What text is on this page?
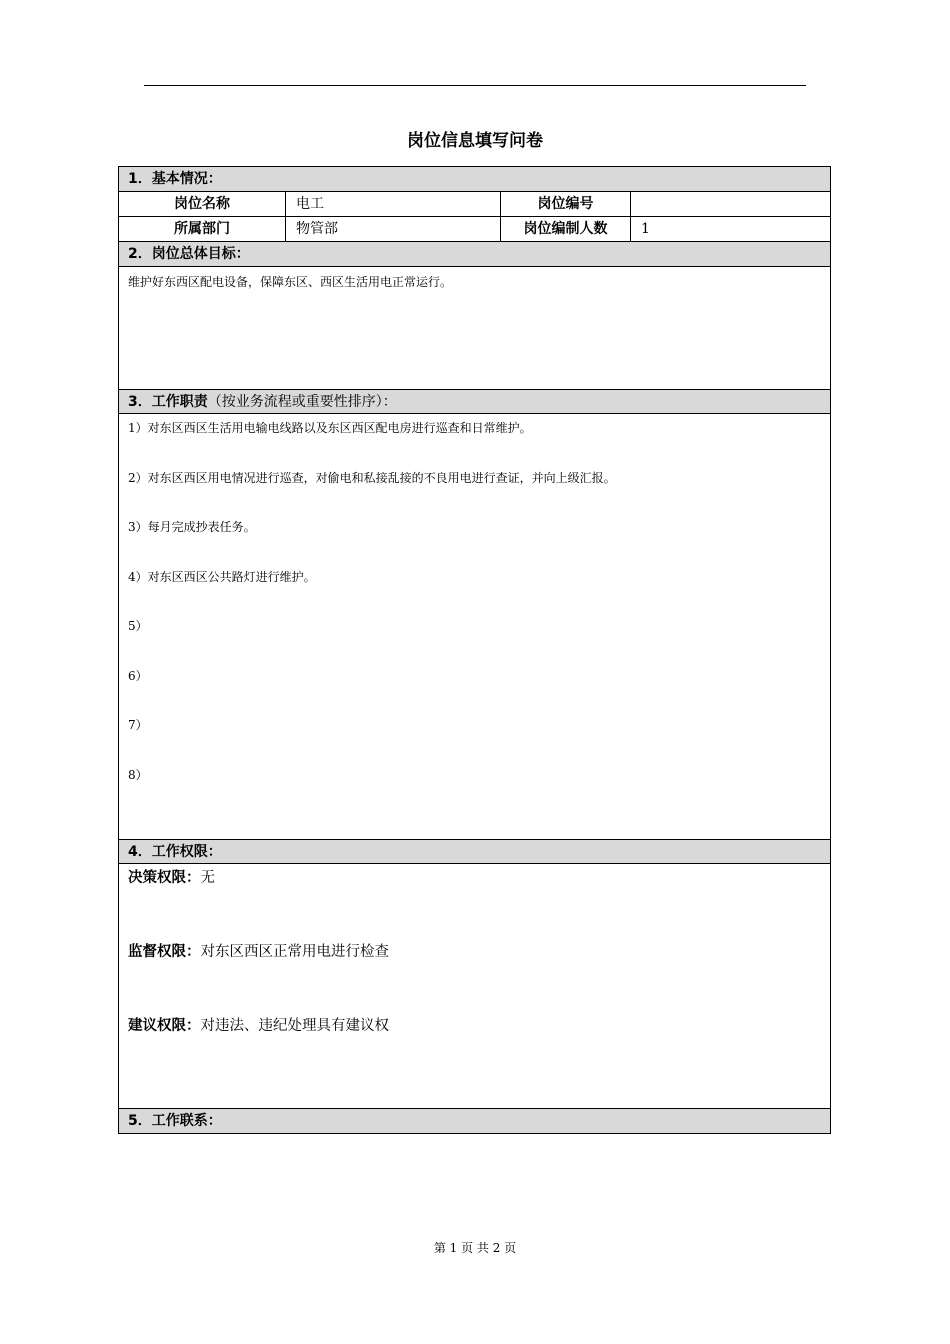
岗位信息填写问卷
1．基本情况：
岗位名称	电工	岗位编号
所属部门	物管部	岗位编制人数	1
2．岗位总体目标：
维护好东西区配电设备，保障东区、西区生活用电正常运行。
3．工作职责（按业务流程或重要性排序）：
1）对东区西区生活用电输电线路以及东区西区配电房进行巡查和日常维护。
2）对东区西区用电情况进行巡查，对偷电和私接乱接的不良用电进行查证，并向上级汇报。
3）每月完成抄表任务。
4）对东区西区公共路灯进行维护。
5）
6）
7）
8）
4．工作权限：
决策权限：无
监督权限：对东区西区正常用电进行检查
建议权限：对违法、违纪处理具有建议权
5．工作联系：
第 1 页 共 2 页
